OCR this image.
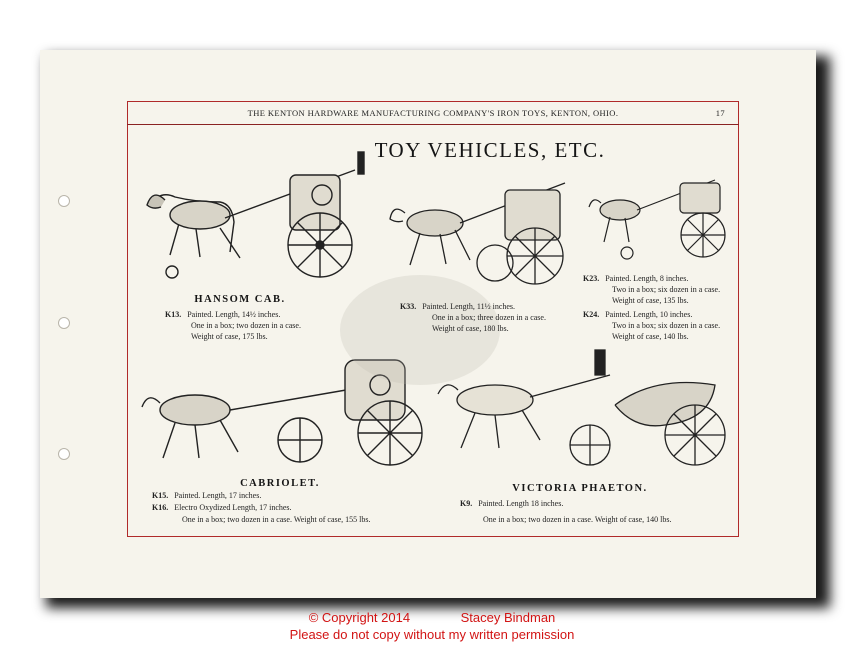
THE KENTON HARDWARE MANUFACTURING COMPANY'S IRON TOYS, KENTON, OHIO.	17
TOY VEHICLES, ETC.
HANSOM CAB.
K13. Painted. Length, 14½ inches.
One in a box; two dozen in a case.
Weight of case, 175 lbs.
K33. Painted. Length, 11½ inches.
One in a box; three dozen in a case.
Weight of case, 180 lbs.
K23. Painted. Length, 8 inches.
Two in a box; six dozen in a case.
Weight of case, 135 lbs.
K24. Painted. Length, 10 inches.
Two in a box; six dozen in a case.
Weight of case, 140 lbs.
CABRIOLET.
K15. Painted. Length, 17 inches.
K16. Electro Oxydized Length, 17 inches.
One in a box; two dozen in a case. Weight of case, 155 lbs.
VICTORIA PHAETON.
K9. Painted. Length 18 inches.
One in a box; two dozen in a case. Weight of case, 140 lbs.
© Copyright 2014              Stacey Bindman
Please do not copy without my written permission
